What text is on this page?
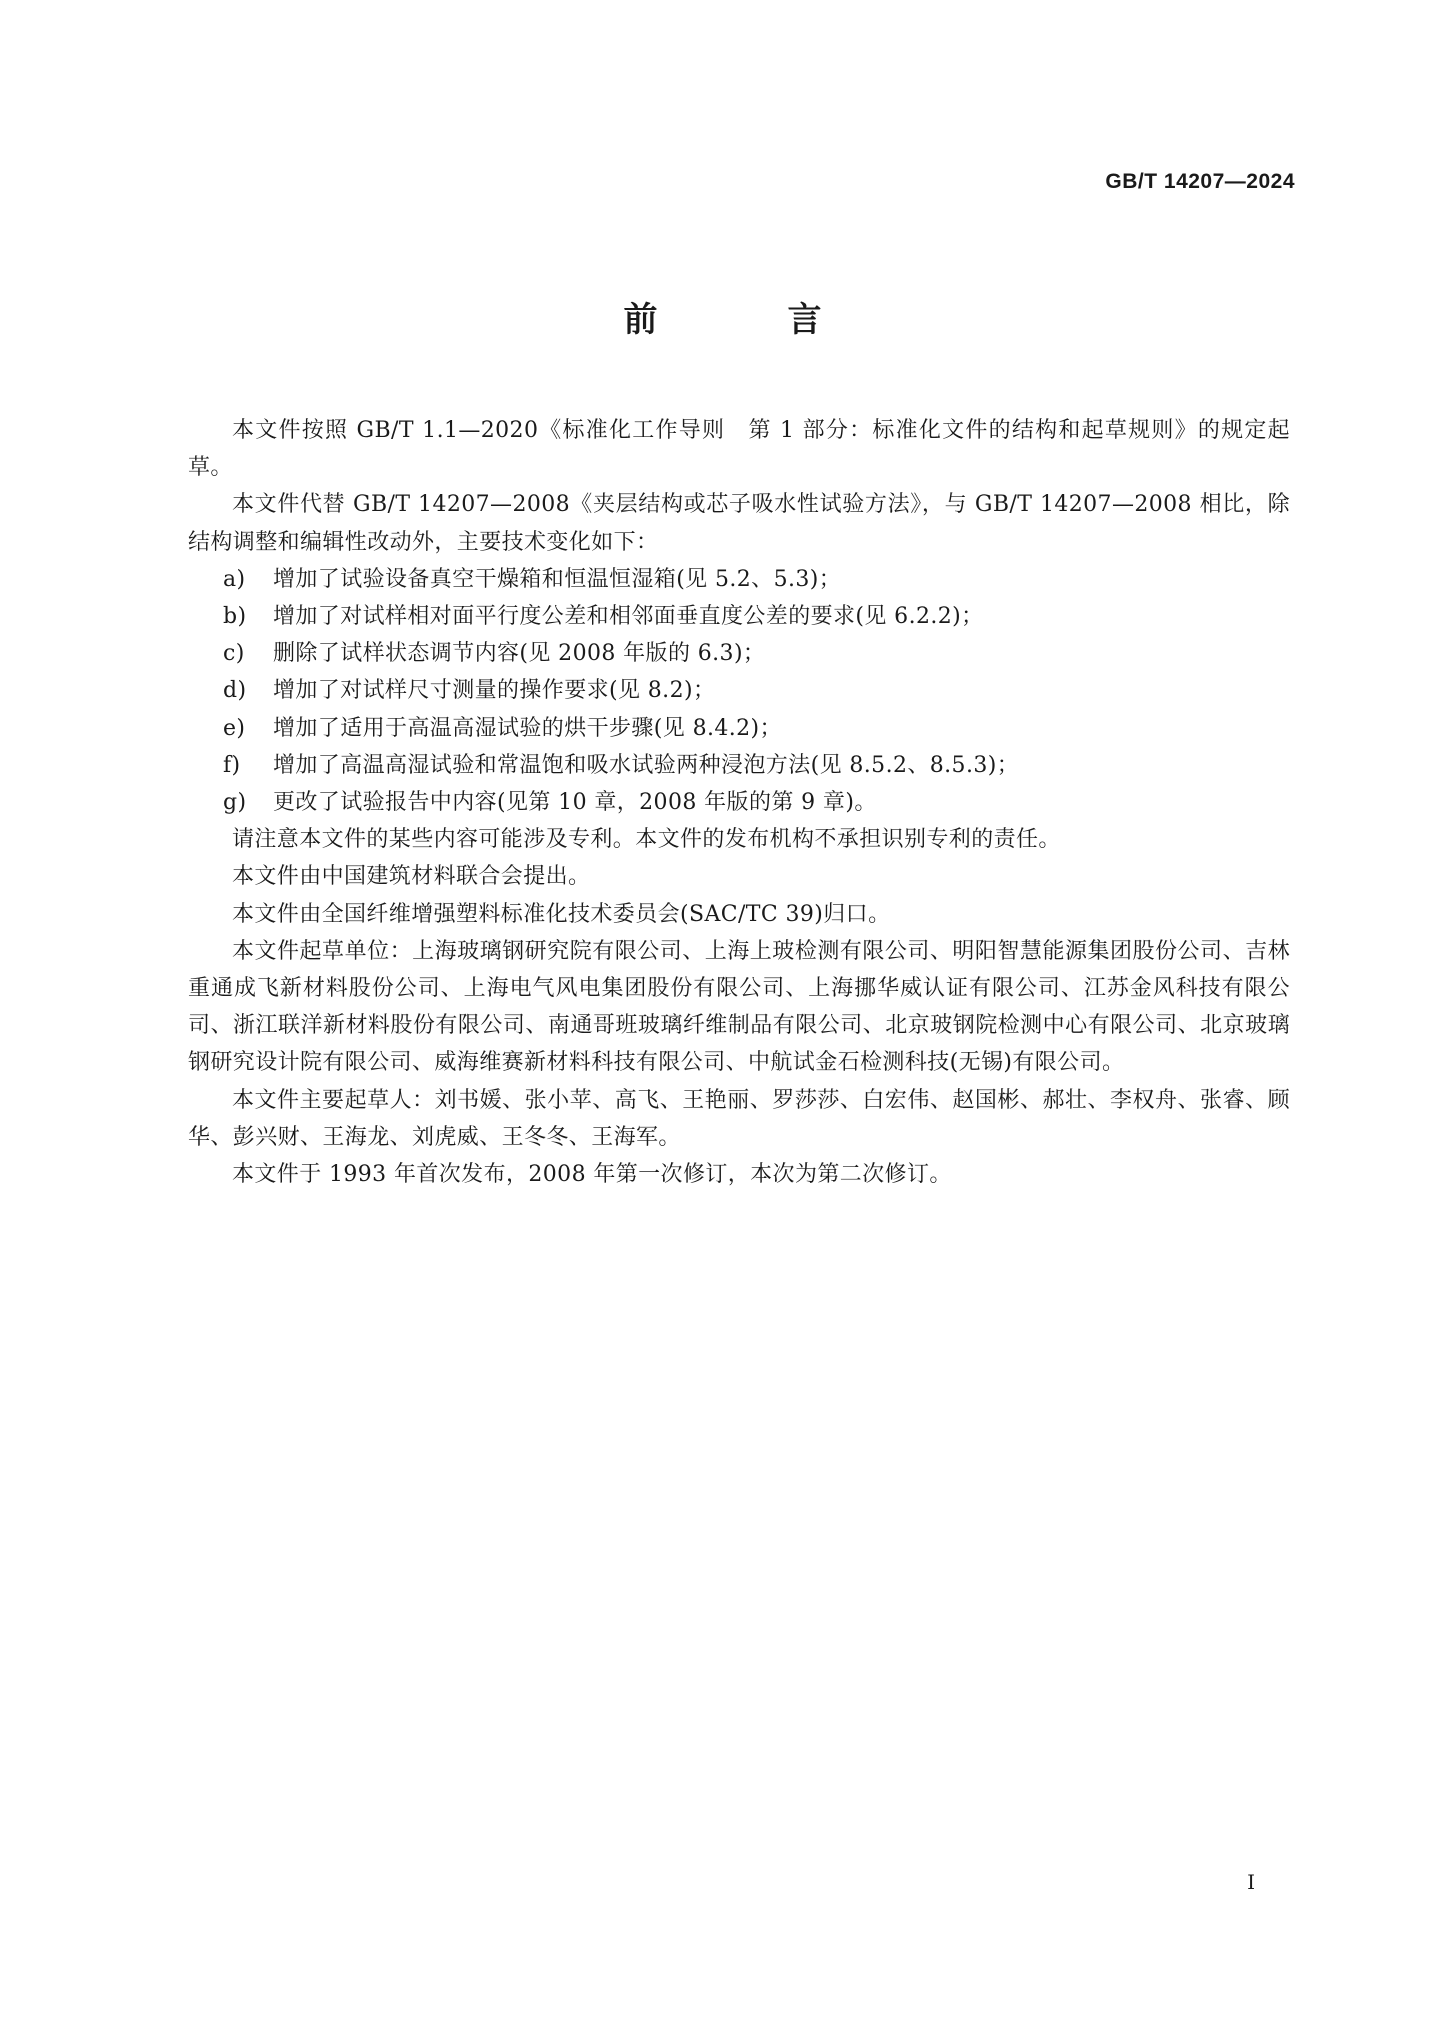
GB/T 14207—2024
前　言

本文件按照 GB/T 1.1—2020《标准化工作导则　第 1 部分：标准化文件的结构和起草规则》的规定起草。

本文件代替 GB/T 14207—2008《夹层结构或芯子吸水性试验方法》，与 GB/T 14207—2008 相比，除结构调整和编辑性改动外，主要技术变化如下：

a)	增加了试验设备真空干燥箱和恒温恒湿箱(见 5.2、5.3)；

b)	增加了对试样相对面平行度公差和相邻面垂直度公差的要求(见 6.2.2)；

c)	删除了试样状态调节内容(见 2008 年版的 6.3)；

d)	增加了对试样尺寸测量的操作要求(见 8.2)；

e)	增加了适用于高温高湿试验的烘干步骤(见 8.4.2)；

f)	增加了高温高湿试验和常温饱和吸水试验两种浸泡方法(见 8.5.2、8.5.3)；

g)	更改了试验报告中内容(见第 10 章，2008 年版的第 9 章)。

请注意本文件的某些内容可能涉及专利。本文件的发布机构不承担识别专利的责任。

本文件由中国建筑材料联合会提出。

本文件由全国纤维增强塑料标准化技术委员会(SAC/TC 39)归口。

本文件起草单位：上海玻璃钢研究院有限公司、上海上玻检测有限公司、明阳智慧能源集团股份公司、吉林重通成飞新材料股份公司、上海电气风电集团股份有限公司、上海挪华威认证有限公司、江苏金风科技有限公司、浙江联洋新材料股份有限公司、南通哥班玻璃纤维制品有限公司、北京玻钢院检测中心有限公司、北京玻璃钢研究设计院有限公司、威海维赛新材料科技有限公司、中航试金石检测科技(无锡)有限公司。

本文件主要起草人：刘书媛、张小苹、高飞、王艳丽、罗莎莎、白宏伟、赵国彬、郝壮、李权舟、张睿、顾华、彭兴财、王海龙、刘虎威、王冬冬、王海军。

本文件于 1993 年首次发布，2008 年第一次修订，本次为第二次修订。

I
